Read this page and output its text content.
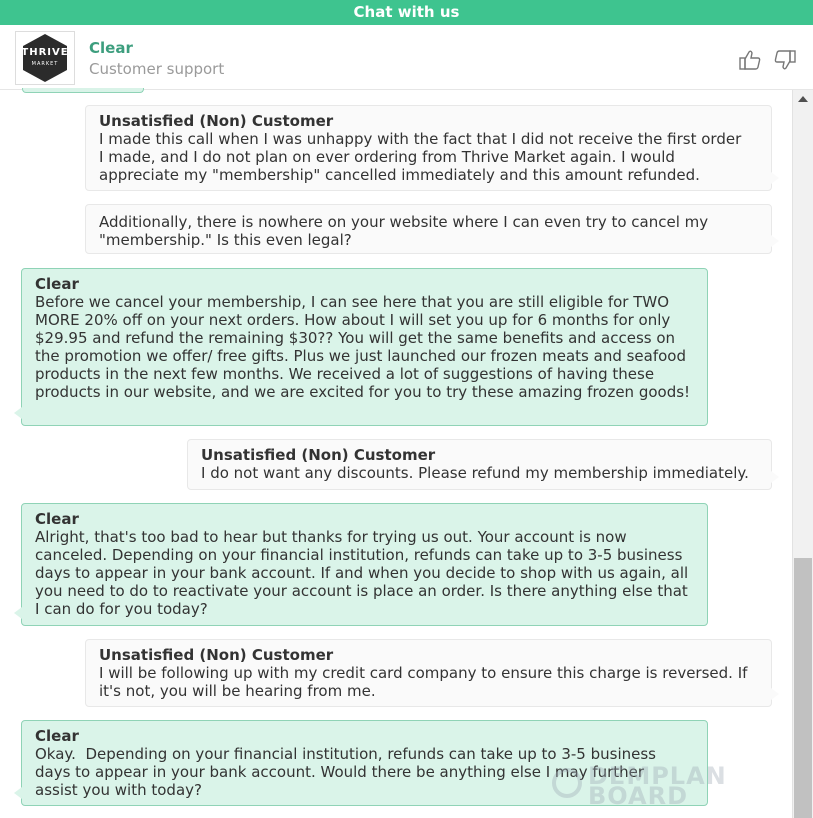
Chat with us
THRIVE
MARKET
Clear
Customer support
Unsatisfied (Non) Customer
I made this call when I was unhappy with the fact that I did not receive the first order
I made, and I do not plan on ever ordering from Thrive Market again. I would
appreciate my "membership" cancelled immediately and this amount refunded.
Additionally, there is nowhere on your website where I can even try to cancel my
"membership." Is this even legal?
Clear
Before we cancel your membership, I can see here that you are still eligible for TWO
MORE 20% off on your next orders. How about I will set you up for 6 months for only
$29.95 and refund the remaining $30?? You will get the same benefits and access on
the promotion we offer/ free gifts. Plus we just launched our frozen meats and seafood
products in the next few months. We received a lot of suggestions of having these
products in our website, and we are excited for you to try these amazing frozen goods!
Unsatisfied (Non) Customer
I do not want any discounts. Please refund my membership immediately.
Clear
Alright, that's too bad to hear but thanks for trying us out. Your account is now
canceled. Depending on your financial institution, refunds can take up to 3-5 business
days to appear in your bank account. If and when you decide to shop with us again, all
you need to do to reactivate your account is place an order. Is there anything else that
I can do for you today?
Unsatisfied (Non) Customer
I will be following up with my credit card company to ensure this charge is reversed. If
it's not, you will be hearing from me.
Clear
Okay.  Depending on your financial institution, refunds can take up to 3-5 business
days to appear in your bank account. Would there be anything else I may further
assist you with today?	DEMPLAN
BOARD
